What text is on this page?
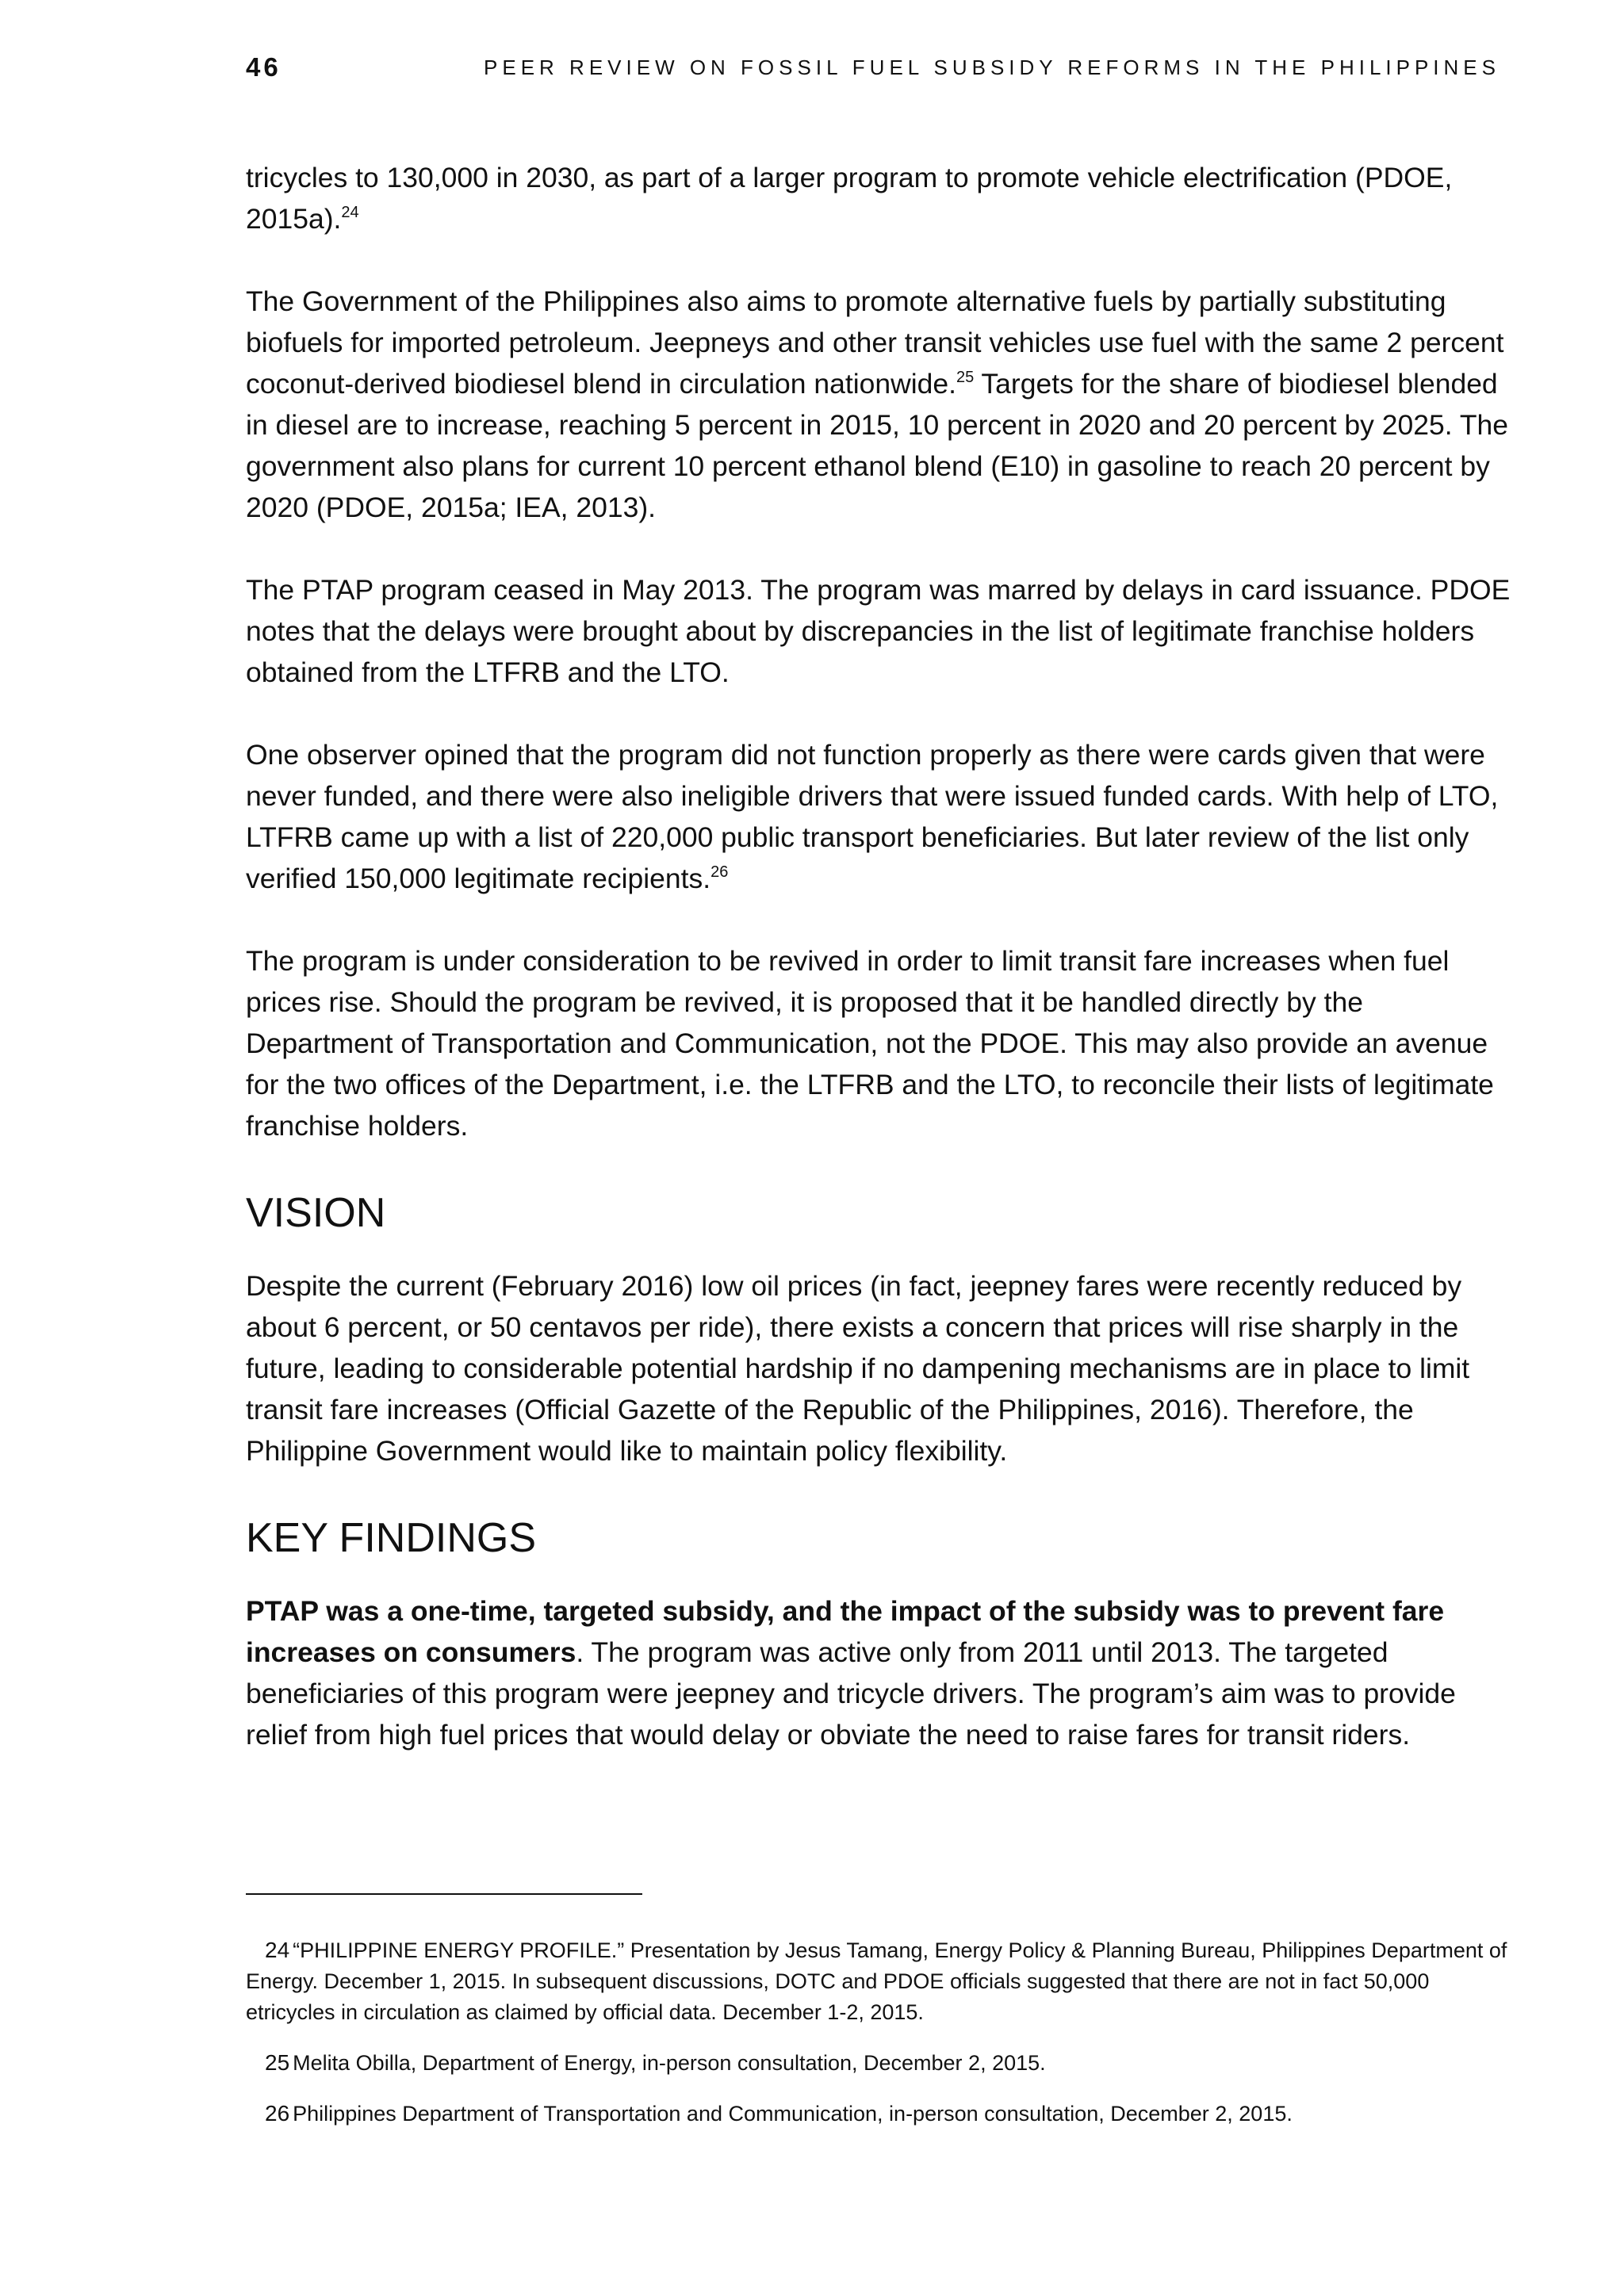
46	PEER REVIEW ON FOSSIL FUEL SUBSIDY REFORMS IN THE PHILIPPINES

tricycles to 130,000 in 2030, as part of a larger program to promote vehicle electrification (PDOE, 2015a).$^{24}$

The Government of the Philippines also aims to promote alternative fuels by partially substituting biofuels for imported petroleum. Jeepneys and other transit vehicles use fuel with the same 2 percent coconut-derived biodiesel blend in circulation nationwide.$^{25}$ Targets for the share of biodiesel blended in diesel are to increase, reaching 5 percent in 2015, 10 percent in 2020 and 20 percent by 2025. The government also plans for current 10 percent ethanol blend (E10) in gasoline to reach 20 percent by 2020 (PDOE, 2015a; IEA, 2013).

The PTAP program ceased in May 2013. The program was marred by delays in card issuance. PDOE notes that the delays were brought about by discrepancies in the list of legitimate franchise holders obtained from the LTFRB and the LTO.

One observer opined that the program did not function properly as there were cards given that were never funded, and there were also ineligible drivers that were issued funded cards. With help of LTO, LTFRB came up with a list of 220,000 public transport beneficiaries. But later review of the list only verified 150,000 legitimate recipients.$^{26}$

The program is under consideration to be revived in order to limit transit fare increases when fuel prices rise. Should the program be revived, it is proposed that it be handled directly by the Department of Transportation and Communication, not the PDOE. This may also provide an avenue for the two offices of the Department, i.e. the LTFRB and the LTO, to reconcile their lists of legitimate franchise holders.

VISION

Despite the current (February 2016) low oil prices (in fact, jeepney fares were recently reduced by about 6 percent, or 50 centavos per ride), there exists a concern that prices will rise sharply in the future, leading to considerable potential hardship if no dampening mechanisms are in place to limit transit fare increases (Official Gazette of the Republic of the Philippines, 2016). Therefore, the Philippine Government would like to maintain policy flexibility.

KEY FINDINGS

PTAP was a one-time, targeted subsidy, and the impact of the subsidy was to prevent fare increases on consumers. The program was active only from 2011 until 2013. The targeted beneficiaries of this program were jeepney and tricycle drivers. The program’s aim was to provide relief from high fuel prices that would delay or obviate the need to raise fares for transit riders.

24 “PHILIPPINE ENERGY PROFILE.” Presentation by Jesus Tamang, Energy Policy & Planning Bureau, Philippines Department of Energy. December 1, 2015. In subsequent discussions, DOTC and PDOE officials suggested that there are not in fact 50,000 etricycles in circulation as claimed by official data. December 1-2, 2015.

25 Melita Obilla, Department of Energy, in-person consultation, December 2, 2015.

26 Philippines Department of Transportation and Communication, in-person consultation, December 2, 2015.
